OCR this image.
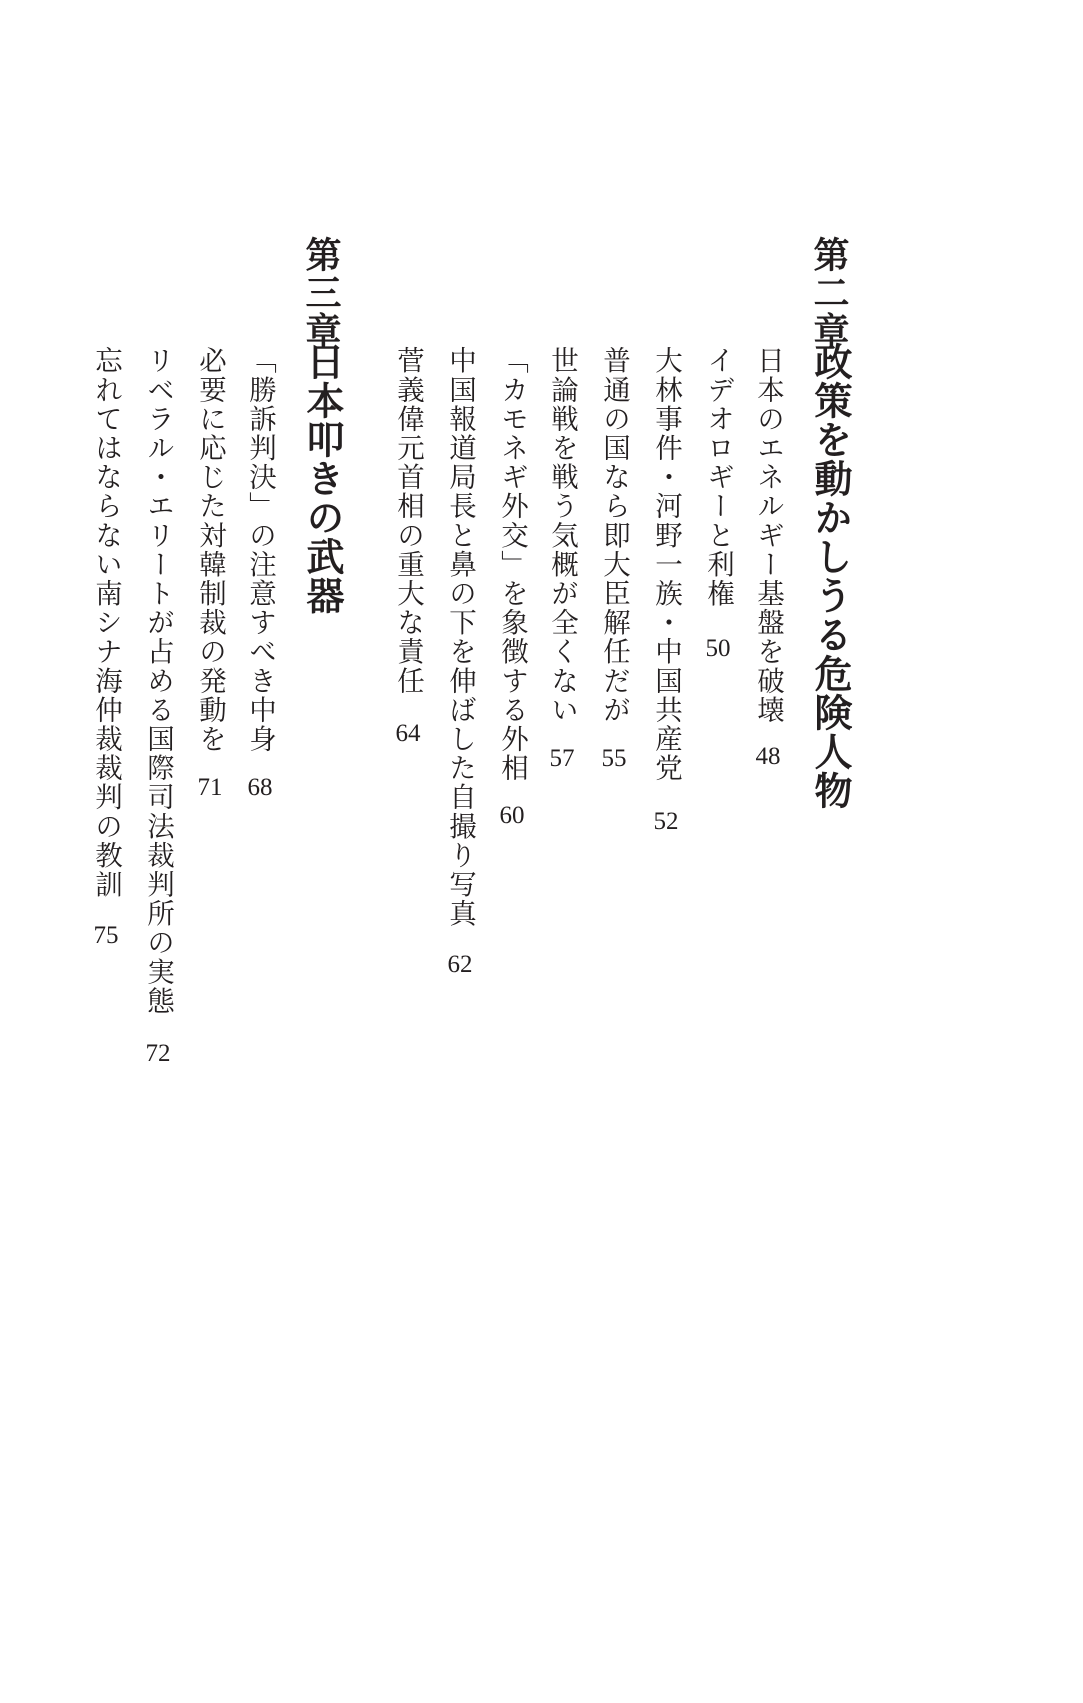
第二章
政策を動かしうる危険人物
日本のエネルギー基盤を破壊48
イデオロギーと利権50
大林事件・河野一族・中国共産党52
普通の国なら即大臣解任だが55
世論戦を戦う気概が全くない57
「カモネギ外交」を象徴する外相60
中国報道局長と鼻の下を伸ばした自撮り写真62
菅義偉元首相の重大な責任64
第三章
日本叩きの武器
「勝訴判決」の注意すべき中身68
必要に応じた対韓制裁の発動を71
リベラル・エリートが占める国際司法裁判所の実態72
忘れてはならない南シナ海仲裁裁判の教訓75
